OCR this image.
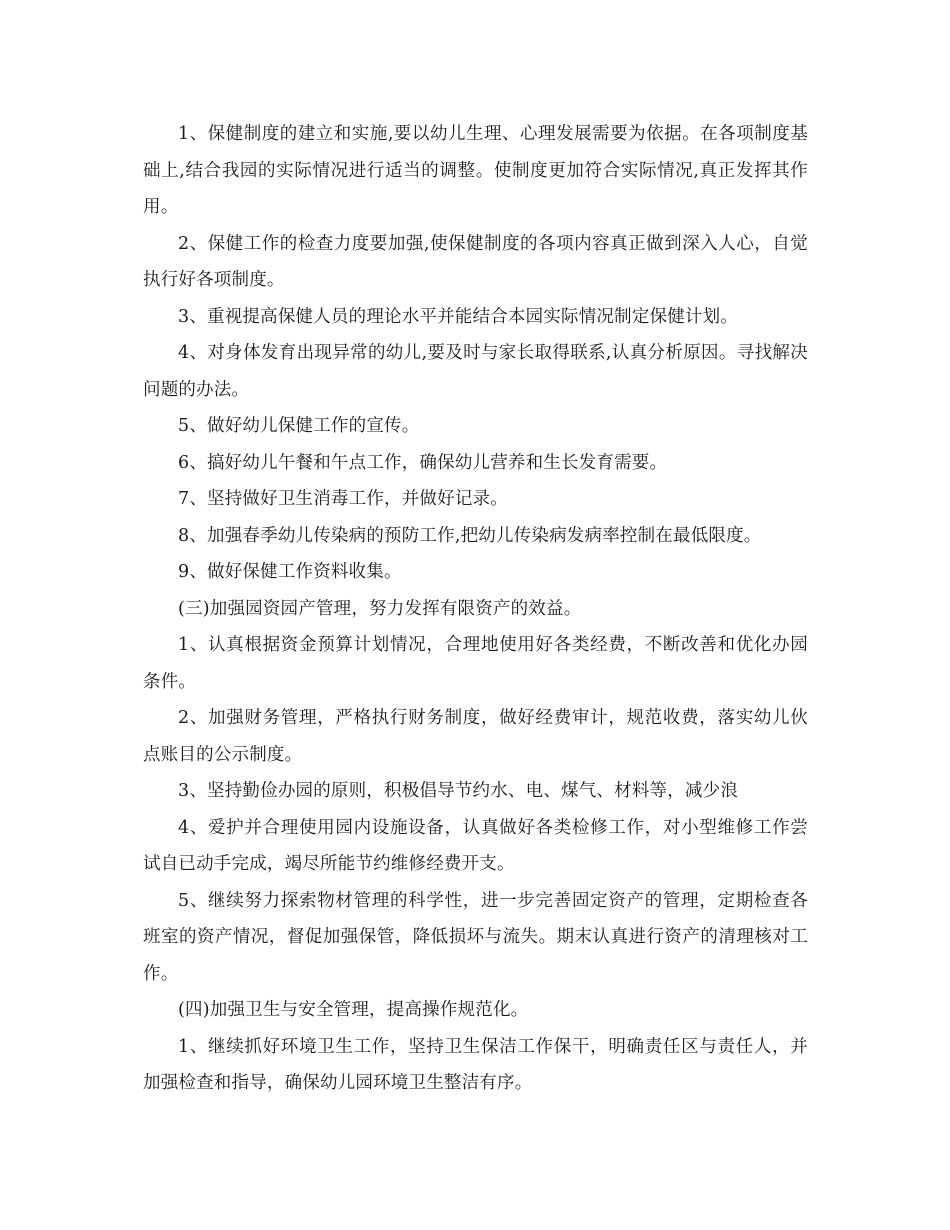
1、保健制度的建立和实施,要以幼儿生理、心理发展需要为依据。在各项制度基础上,结合我园的实际情况进行适当的调整。使制度更加符合实际情况,真正发挥其作用。

2、保健工作的检查力度要加强,使保健制度的各项内容真正做到深入人心，自觉执行好各项制度。

3、重视提高保健人员的理论水平并能结合本园实际情况制定保健计划。

4、对身体发育出现异常的幼儿,要及时与家长取得联系,认真分析原因。寻找解决问题的办法。

5、做好幼儿保健工作的宣传。

6、搞好幼儿午餐和午点工作，确保幼儿营养和生长发育需要。

7、坚持做好卫生消毒工作，并做好记录。

8、加强春季幼儿传染病的预防工作,把幼儿传染病发病率控制在最低限度。

9、做好保健工作资料收集。

(三)加强园资园产管理，努力发挥有限资产的效益。

1、认真根据资金预算计划情况，合理地使用好各类经费，不断改善和优化办园条件。

2、加强财务管理，严格执行财务制度，做好经费审计，规范收费，落实幼儿伙点账目的公示制度。

3、坚持勤俭办园的原则，积极倡导节约水、电、煤气、材料等，减少浪

4、爱护并合理使用园内设施设备，认真做好各类检修工作，对小型维修工作尝试自已动手完成，竭尽所能节约维修经费开支。

5、继续努力探索物材管理的科学性，进一步完善固定资产的管理，定期检查各班室的资产情况，督促加强保管，降低损坏与流失。期末认真进行资产的清理核对工作。

(四)加强卫生与安全管理，提高操作规范化。

1、继续抓好环境卫生工作，坚持卫生保洁工作保干，明确责任区与责任人，并加强检查和指导，确保幼儿园环境卫生整洁有序。
